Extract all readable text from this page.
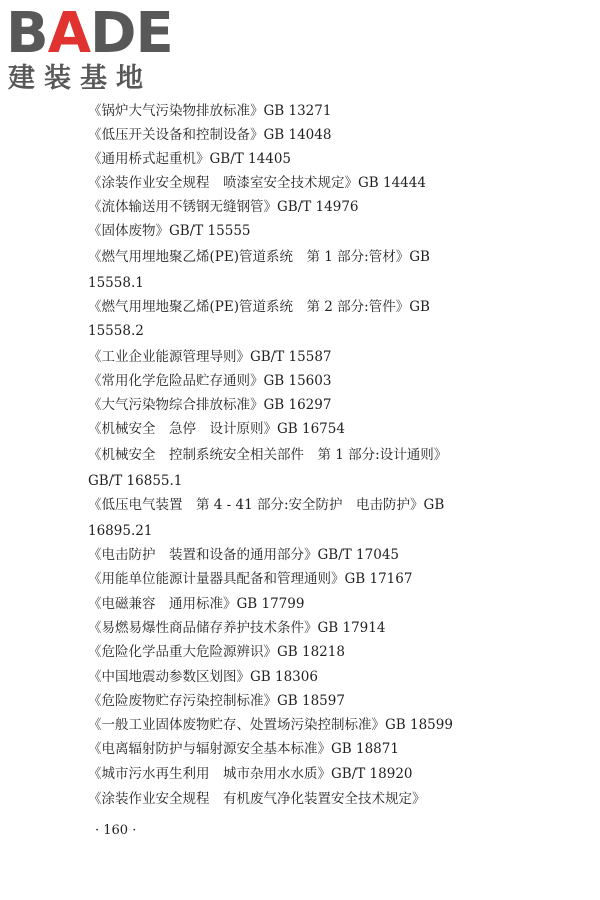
BADE
建装基地
《锅炉大气污染物排放标准》GB 13271
《低压开关设备和控制设备》GB 14048
《通用桥式起重机》GB/T 14405
《涂装作业安全规程　喷漆室安全技术规定》GB 14444
《流体输送用不锈钢无缝钢管》GB/T 14976
《固体废物》GB/T 15555
《燃气用埋地聚乙烯(PE)管道系统　第 1 部分:管材》GB
15558.1
《燃气用埋地聚乙烯(PE)管道系统　第 2 部分:管件》GB
15558.2
《工业企业能源管理导则》GB/T 15587
《常用化学危险品贮存通则》GB 15603
《大气污染物综合排放标准》GB 16297
《机械安全　急停　设计原则》GB 16754
《机械安全　控制系统安全相关部件　第 1 部分:设计通则》
GB/T 16855.1
《低压电气装置　第 4 - 41 部分:安全防护　电击防护》GB
16895.21
《电击防护　装置和设备的通用部分》GB/T 17045
《用能单位能源计量器具配备和管理通则》GB 17167
《电磁兼容　通用标准》GB 17799
《易燃易爆性商品储存养护技术条件》GB 17914
《危险化学品重大危险源辨识》GB 18218
《中国地震动参数区划图》GB 18306
《危险废物贮存污染控制标准》GB 18597
《一般工业固体废物贮存、处置场污染控制标准》GB 18599
《电离辐射防护与辐射源安全基本标准》GB 18871
《城市污水再生利用　城市杂用水水质》GB/T 18920
《涂装作业安全规程　有机废气净化装置安全技术规定》
· 160 ·
